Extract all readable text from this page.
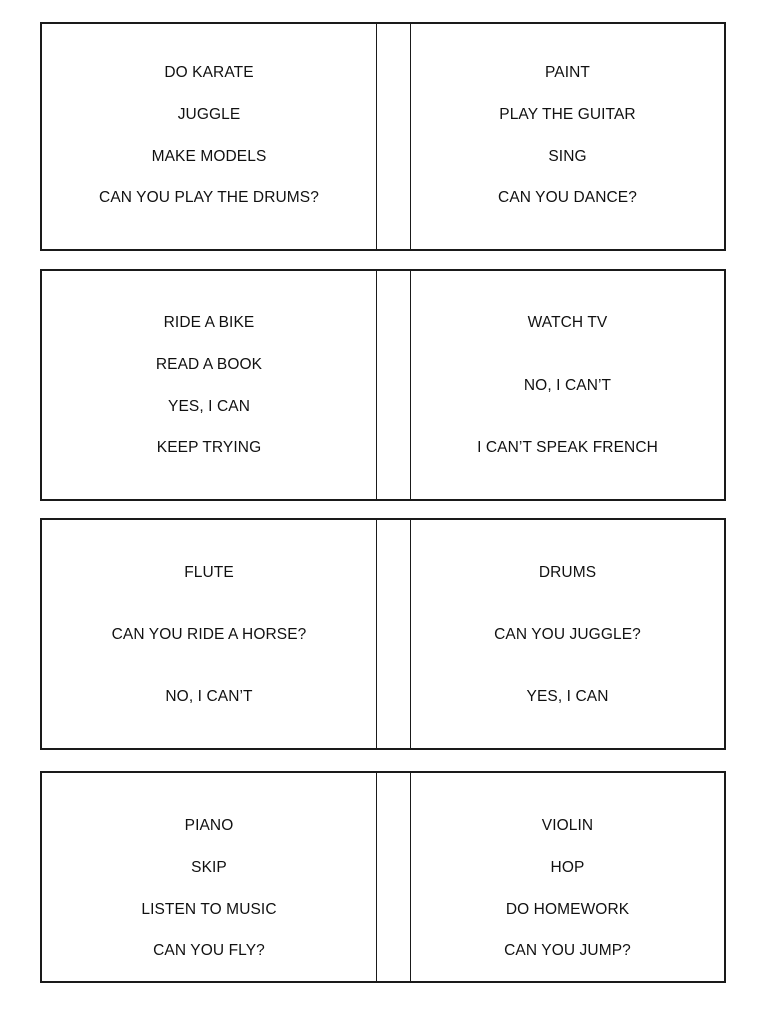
DO KARATE
JUGGLE
MAKE MODELS
CAN YOU PLAY THE DRUMS?
PAINT
PLAY THE GUITAR
SING
CAN YOU DANCE?
RIDE A BIKE
READ A BOOK
YES, I CAN
KEEP TRYING
WATCH TV
NO, I CAN’T
I CAN’T SPEAK FRENCH
FLUTE
CAN YOU RIDE A HORSE?
NO, I CAN’T
DRUMS
CAN YOU JUGGLE?
YES, I CAN
PIANO
SKIP
LISTEN TO MUSIC
CAN YOU FLY?
VIOLIN
HOP
DO HOMEWORK
CAN YOU JUMP?
